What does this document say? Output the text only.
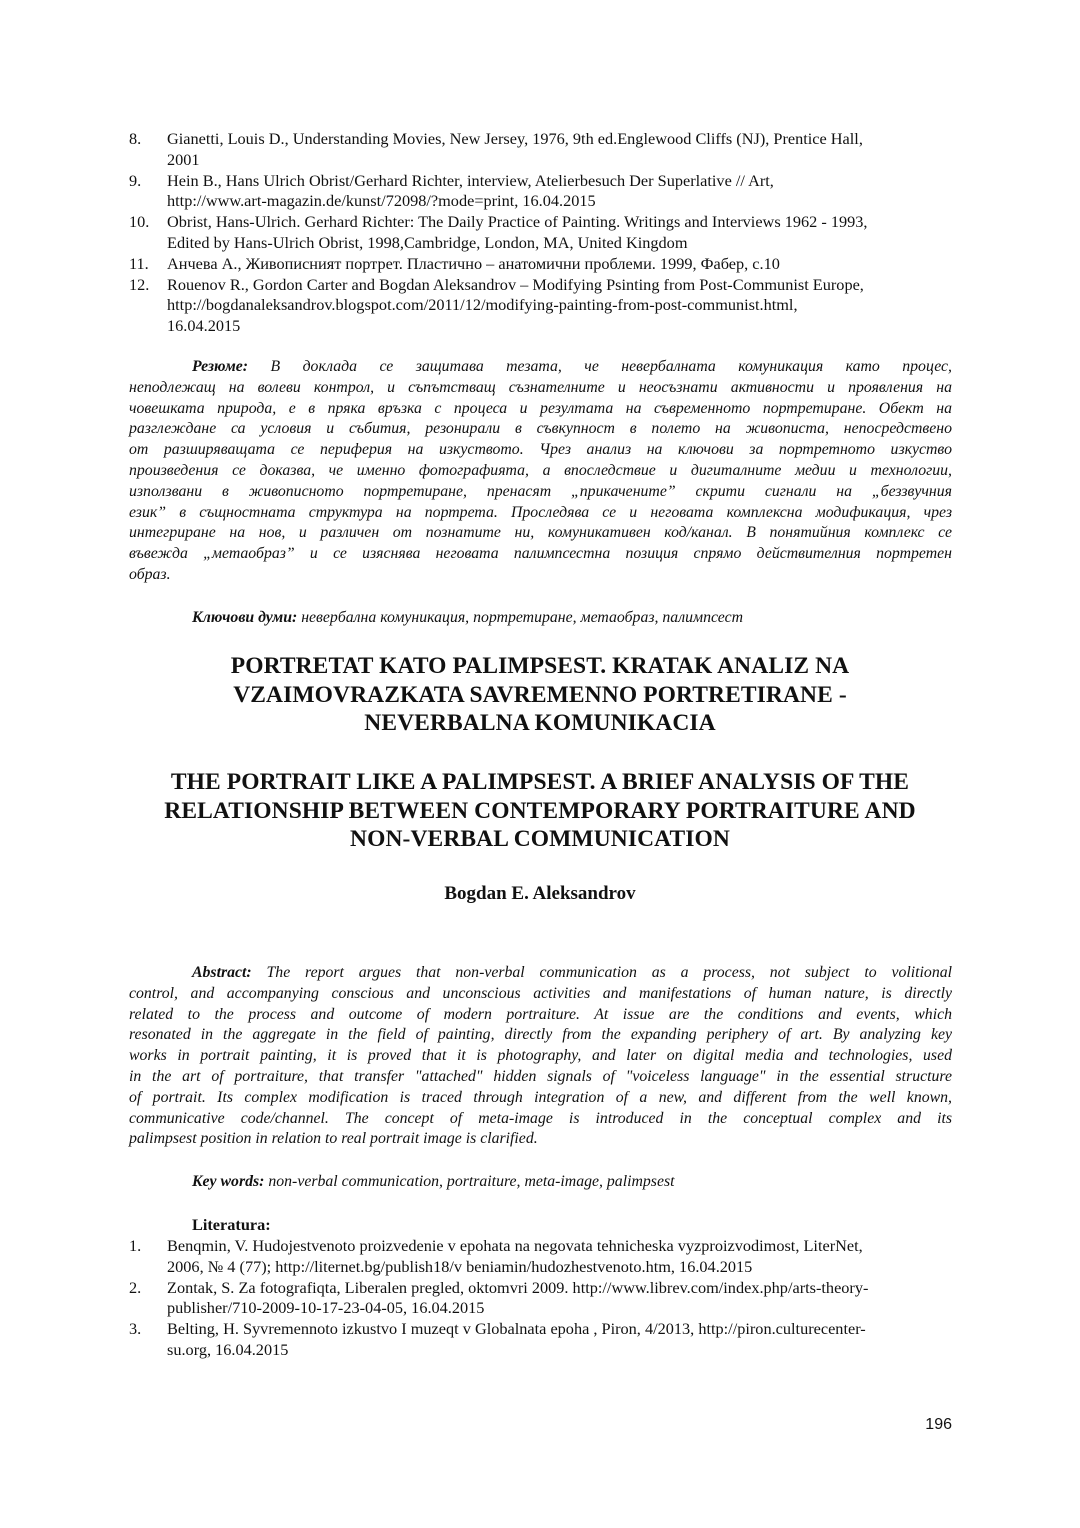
8. Gianetti, Louis D., Understanding Movies, New Jersey, 1976, 9th ed.Englewood Cliffs (NJ), Prentice Hall,
2001
9. Hein B., Hans Ulrich Obrist/Gerhard Richter, interview, Atelierbesuch Der Superlative // Art,
http://www.art-magazin.de/kunst/72098/?mode=print, 16.04.2015
10. Obrist, Hans-Ulrich. Gerhard Richter: The Daily Practice of Painting. Writings and Interviews 1962 - 1993,
Edited by Hans-Ulrich Obrist, 1998,Cambridge, London, MA, United Kingdom
11. Анчева А., Живописният портрет. Пластично – анатомични проблеми. 1999, Фабер, с.10
12. Rouenov R., Gordon Carter and Bogdan Aleksandrov – Modifying Psinting from Post-Communist Europe,
http://bogdanaleksandrov.blogspot.com/2011/12/modifying-painting-from-post-communist.html,
16.04.2015
Резюме: В доклада се защитава тезата, че невербалната комуникация като процес,
неподлежащ на волеви контрол, и съпътстващ съзнателните и неосъзнати активности и проявления на
човешката природа, е в пряка връзка с процеса и резултата на съвременното портретиране. Обект на
разглеждане са условия и събития, резонирали в съвкупност в полето на живописта, непосредствено
от разширяващата се периферия на изкуството. Чрез анализ на ключови за портретното изкуство
произведения се доказва, че именно фотографията, а впоследствие и дигиталните медии и технологии,
използвани в живописното портретиране, пренасят „прикачените” скрити сигнали на „беззвучния
език” в същностната структура на портрета. Проследява се и неговата комплексна модификация, чрез
интегриране на нов, и различен от познатите ни, комуникативен код/канал. В понятийния комплекс се
въвежда „метаобраз” и се изяснява неговата палимпсестна позиция спрямо действителния портретен
образ.
Ключови думи: невербална комуникация, портретиране, метаобраз, палимпсест
PORTRETAT KATO PALIMPSEST. KRATAK ANALIZ NA
VZAIMOVRAZKATA SAVREMENNO PORTRETIRANE -
NEVERBALNA KOMUNIKACIA
THE PORTRAIT LIKE A PALIMPSEST. A BRIEF ANALYSIS OF THE
RELATIONSHIP BETWEEN CONTEMPORARY PORTRAITURE AND
NON-VERBAL COMMUNICATION
Bogdan E. Aleksandrov
Abstract: The report argues that non-verbal communication as a process, not subject to volitional
control, and accompanying conscious and unconscious activities and manifestations of human nature, is directly
related to the process and outcome of modern portraiture. At issue are the conditions and events, which
resonated in the aggregate in the field of painting, directly from the expanding periphery of art. By analyzing key
works in portrait painting, it is proved that it is photography, and later on digital media and technologies, used
in the art of portraiture, that transfer "attached" hidden signals of "voiceless language" in the essential structure
of portrait. Its complex modification is traced through integration of a new, and different from the well known,
communicative code/channel. The concept of meta-image is introduced in the conceptual complex and its
palimpsest position in relation to real portrait image is clarified.
Key words: non-verbal communication, portraiture, meta-image, palimpsest
Literatura:
1. Benqmin, V. Hudojestvenoto proizvedenie v epohata na negovata tehnicheska vyzproizvodimost, LiterNet,
2006, № 4 (77); http://liternet.bg/publish18/v beniamin/hudozhestvenoto.htm, 16.04.2015
2. Zontak, S. Za fotografiqta, Liberalen pregled, oktomvri 2009. http://www.librev.com/index.php/arts-theory-
publisher/710-2009-10-17-23-04-05, 16.04.2015
3. Belting, H. Syvremennoto izkustvo I muzeqt v Globalnata epoha , Piron, 4/2013, http://piron.culturecenter-
su.org, 16.04.2015
196
